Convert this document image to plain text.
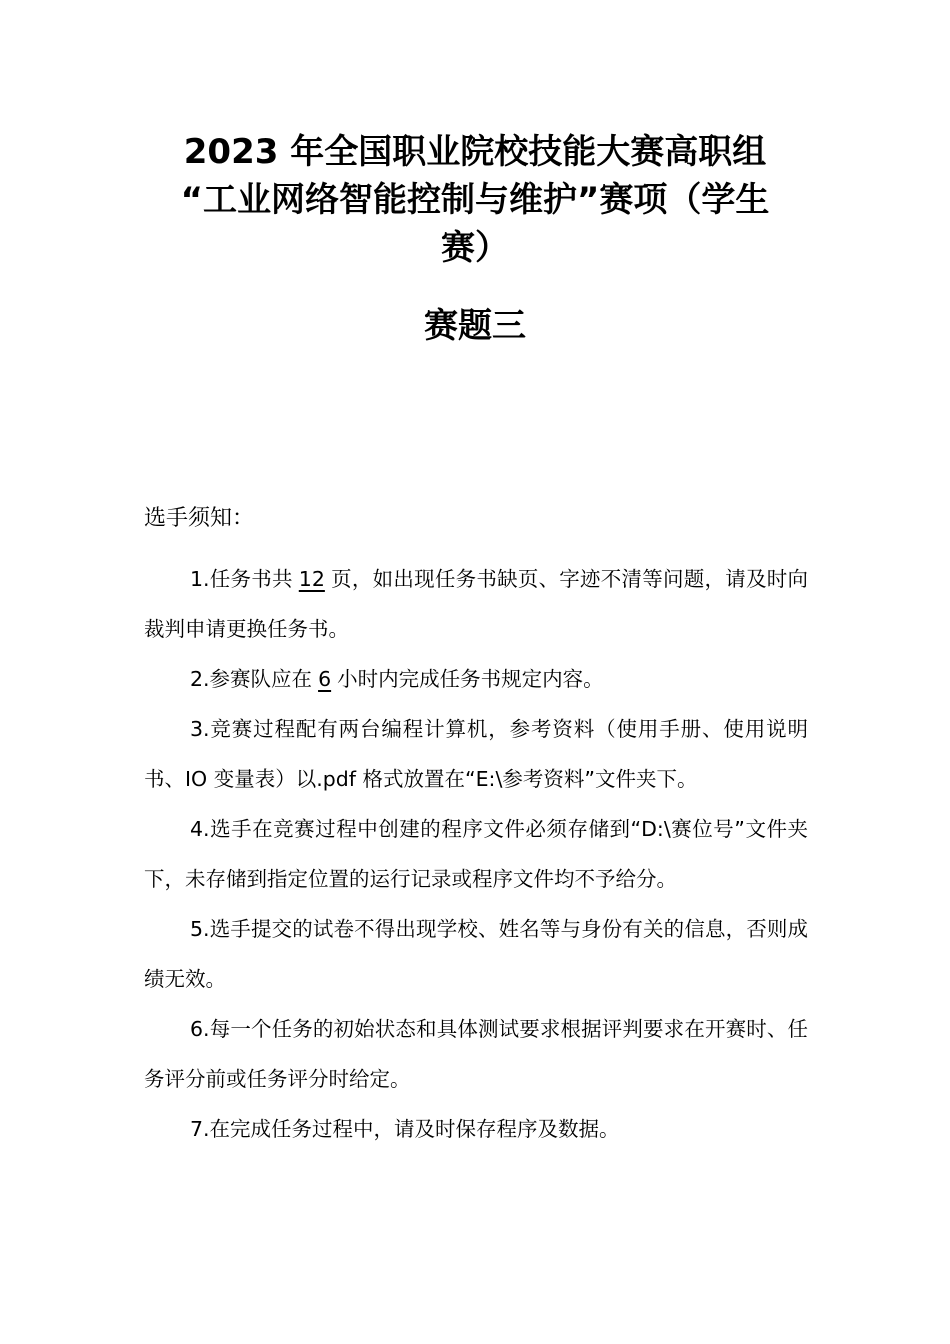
2023 年全国职业院校技能大赛高职组
“工业网络智能控制与维护”赛项（学生
赛）
赛题三
选手须知：

1.任务书共 12 页，如出现任务书缺页、字迹不清等问题，请及时向裁判申请更换任务书。

2.参赛队应在 6 小时内完成任务书规定内容。

3.竞赛过程配有两台编程计算机，参考资料（使用手册、使用说明书、IO 变量表）以.pdf 格式放置在“E:\参考资料”文件夹下。

4.选手在竞赛过程中创建的程序文件必须存储到“D:\赛位号”文件夹下，未存储到指定位置的运行记录或程序文件均不予给分。

5.选手提交的试卷不得出现学校、姓名等与身份有关的信息，否则成绩无效。

6.每一个任务的初始状态和具体测试要求根据评判要求在开赛时、任务评分前或任务评分时给定。

7.在完成任务过程中，请及时保存程序及数据。
